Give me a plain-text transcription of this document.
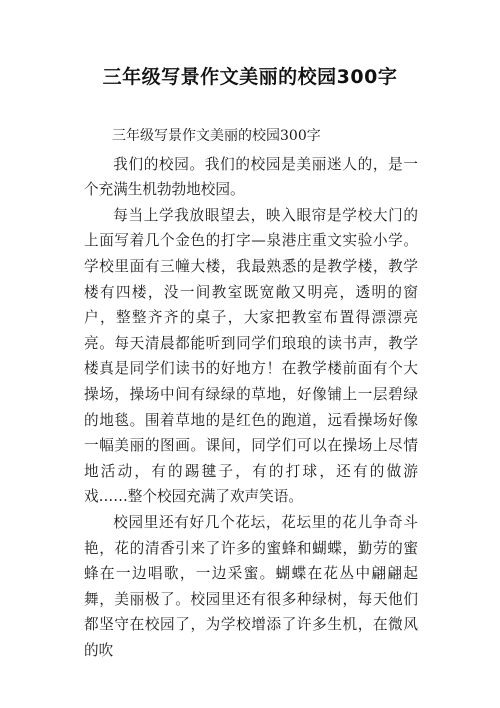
三年级写景作文美丽的校园300字

三年级写景作文美丽的校园300字

我们的校园。我们的校园是美丽迷人的，是一个充满生机勃勃地校园。

每当上学我放眼望去，映入眼帘是学校大门的上面写着几个金色的打字—泉港庄重文实验小学。学校里面有三幢大楼，我最熟悉的是教学楼，教学楼有四楼，没一间教室既宽敞又明亮，透明的窗户，整整齐齐的桌子，大家把教室布置得漂漂亮亮。每天清晨都能听到同学们琅琅的读书声，教学楼真是同学们读书的好地方！在教学楼前面有个大操场，操场中间有绿绿的草地，好像铺上一层碧绿的地毯。围着草地的是红色的跑道，远看操场好像一幅美丽的图画。课间，同学们可以在操场上尽情地活动，有的踢毽子，有的打球，还有的做游戏……整个校园充满了欢声笑语。

校园里还有好几个花坛，花坛里的花儿争奇斗艳，花的清香引来了许多的蜜蜂和蝴蝶，勤劳的蜜蜂在一边唱歌，一边采蜜。蝴蝶在花丛中翩翩起舞，美丽极了。校园里还有很多种绿树，每天他们都坚守在校园了，为学校增添了许多生机，在微风的吹
